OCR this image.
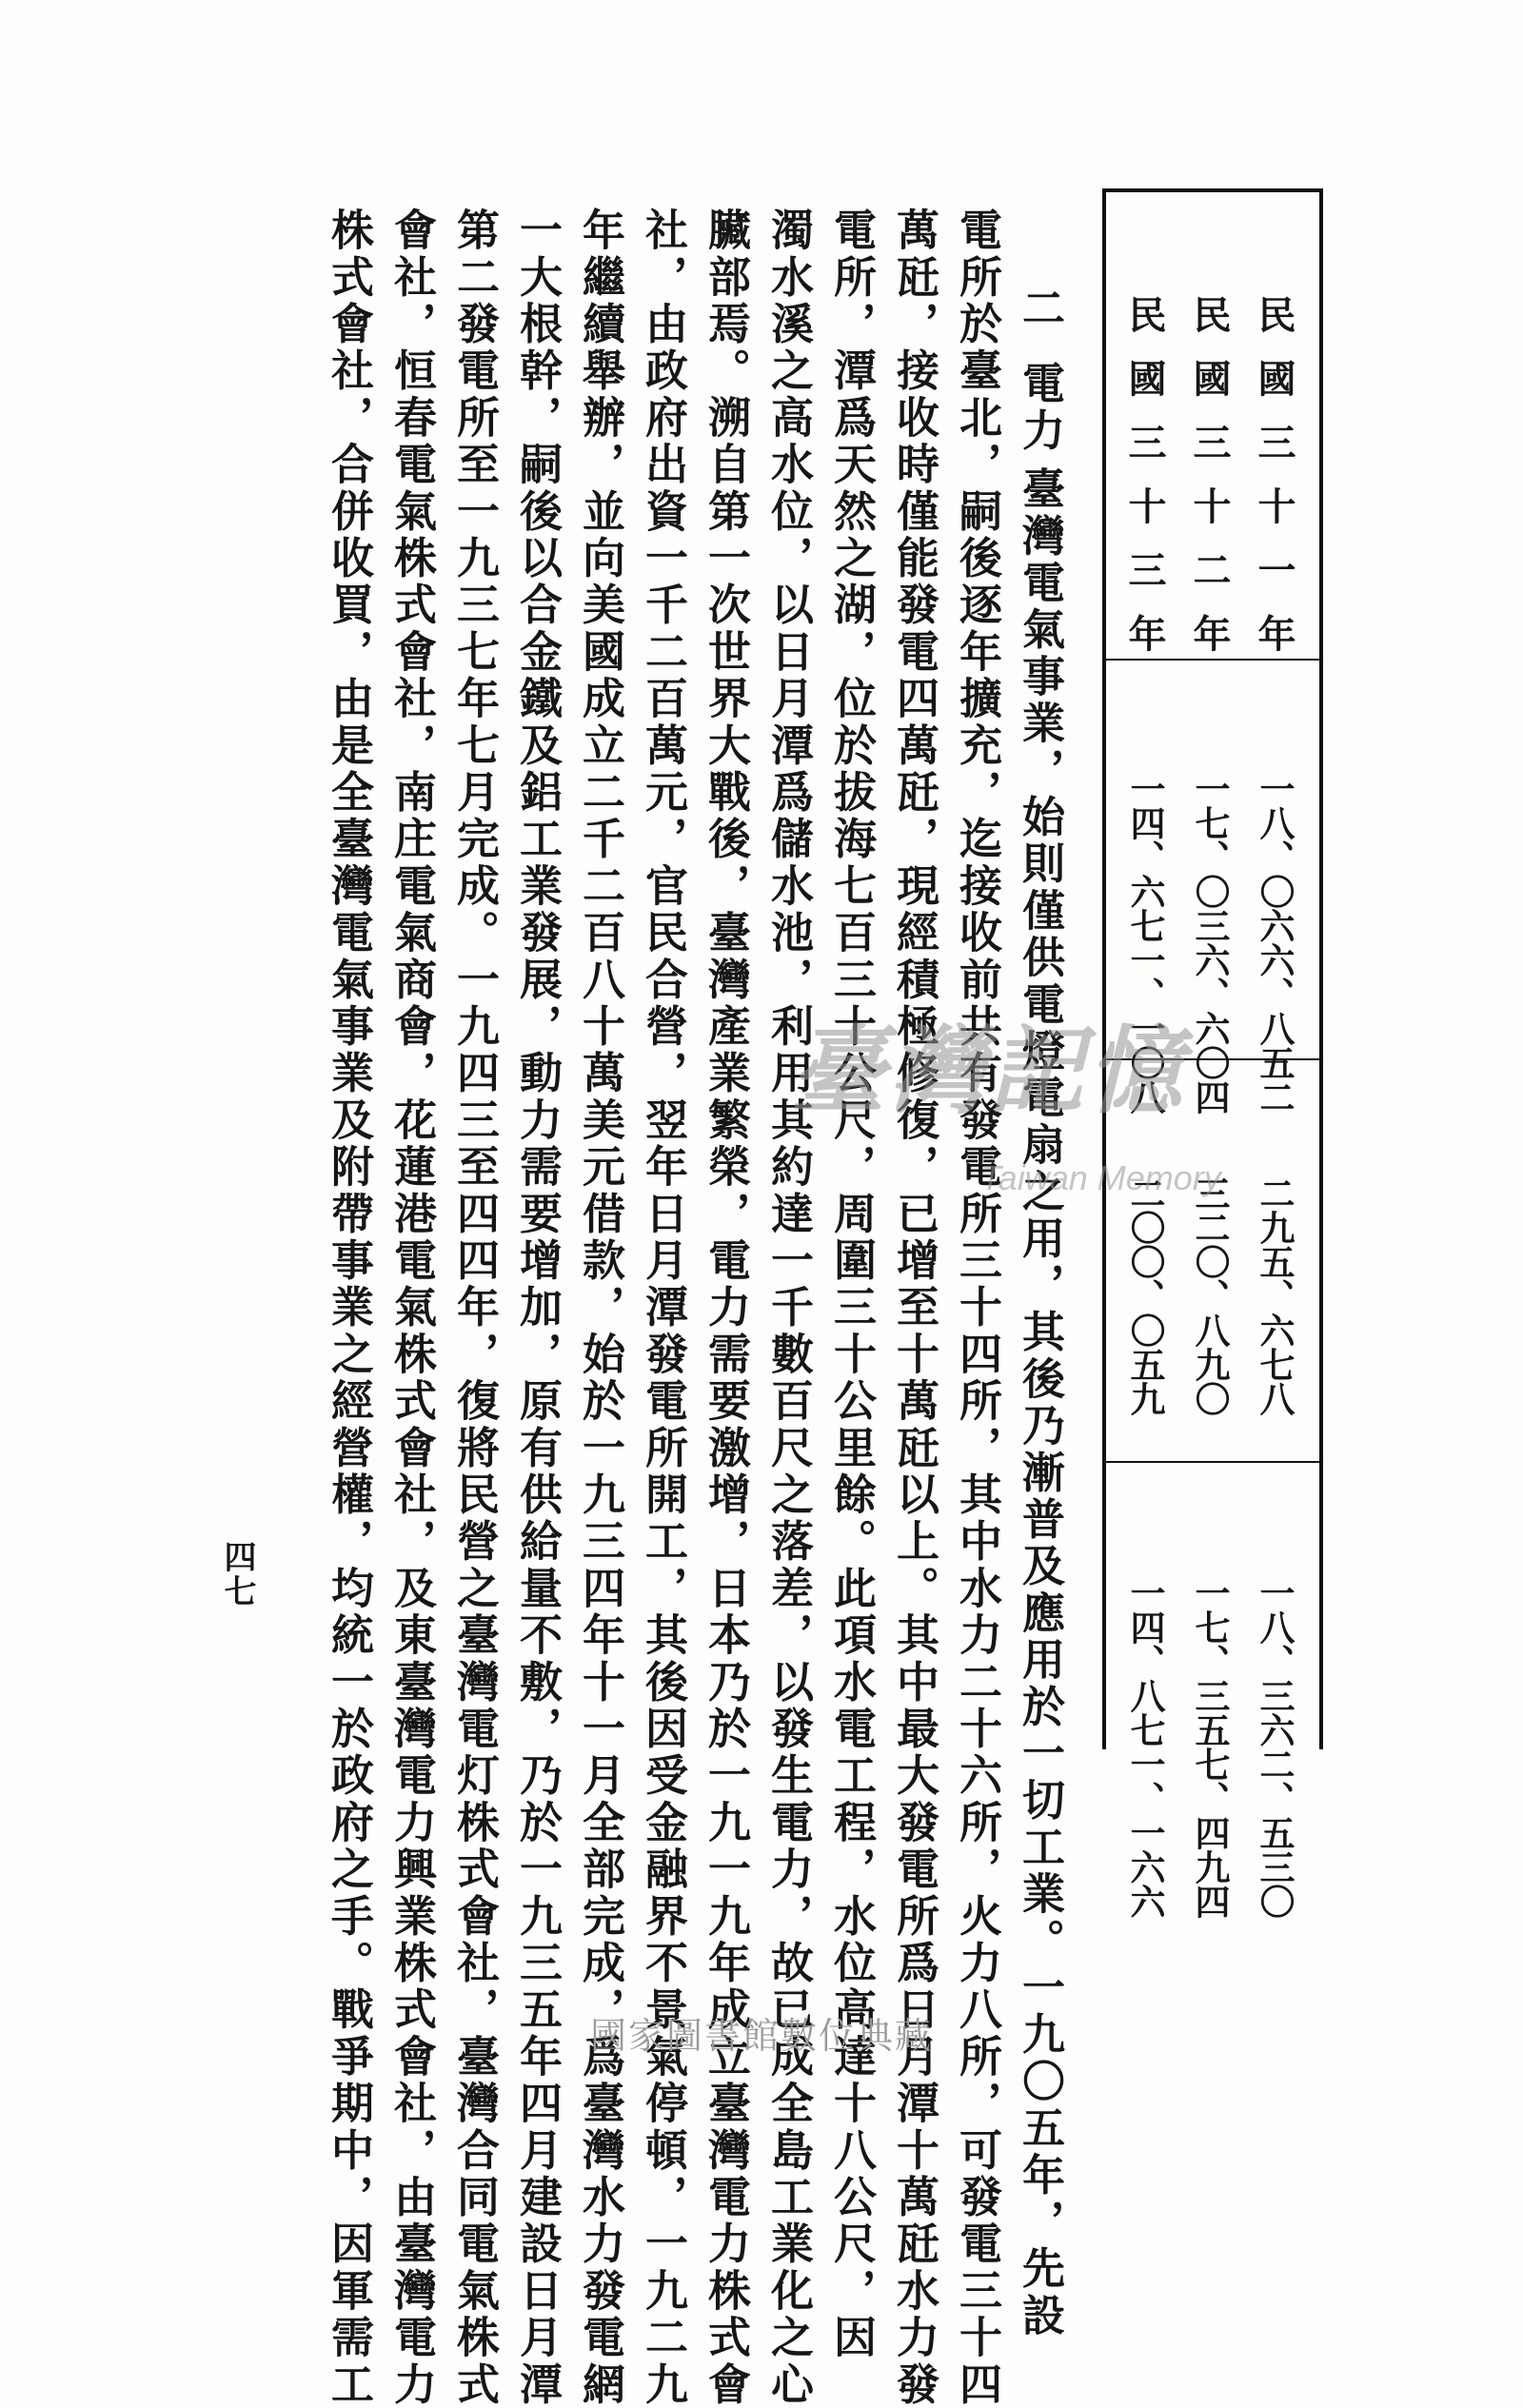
民國三十一年
民國三十二年
民國三十三年
一八、〇六六、八五二
一七、〇三六、六〇四
一四、六七一、一〇八
二九五、六七八
三二〇、八九〇
二〇〇、〇五九
一八、三六二、五三〇
一七、三五七、四九四
一四、八七一、一六六
二電力臺灣電氣事業，始則僅供電燈電扇之用，其後乃漸普及應用於一切工業。一九〇五年，先設
電所於臺北，嗣後逐年擴充，迄接收前共有發電所三十四所，其中水力二十六所，火力八所，可發電三十四
萬瓩，接收時僅能發電四萬瓩，現經積極修復，已增至十萬瓩以上。其中最大發電所爲日月潭十萬瓩水力發
電所，潭爲天然之湖，位於拔海七百三十公尺，周圍三十公里餘。此項水電工程，水位高達十八公尺，因
濁水溪之高水位，以日月潭爲儲水池，利用其約達一千數百尺之落差，以發生電力，故已成全島工業化之心
臟部焉。溯自第一次世界大戰後，臺灣產業繁榮，電力需要激增，日本乃於一九一九年成立臺灣電力株式會
社，由政府出資一千二百萬元，官民合營，翌年日月潭發電所開工，其後因受金融界不景氣停頓，一九二九
年繼續舉辦，並向美國成立二千二百八十萬美元借款，始於一九三四年十一月全部完成，爲臺灣水力發電網
一大根幹，嗣後以合金鐵及鋁工業發展，動力需要增加，原有供給量不敷，乃於一九三五年四月建設日月潭
第二發電所至一九三七年七月完成。一九四三至四四年，復將民營之臺灣電灯株式會社，臺灣合同電氣株式
會社，恒春電氣株式會社，南庄電氣商會，花蓮港電氣株式會社，及東臺灣電力興業株式會社，由臺灣電力
株式會社，合併收買，由是全臺灣電氣事業及附帶事業之經營權，均統一於政府之手。戰爭期中，因軍需工
四七
臺灣記憶
Taiwan Memory
國家圖書館數位典藏
